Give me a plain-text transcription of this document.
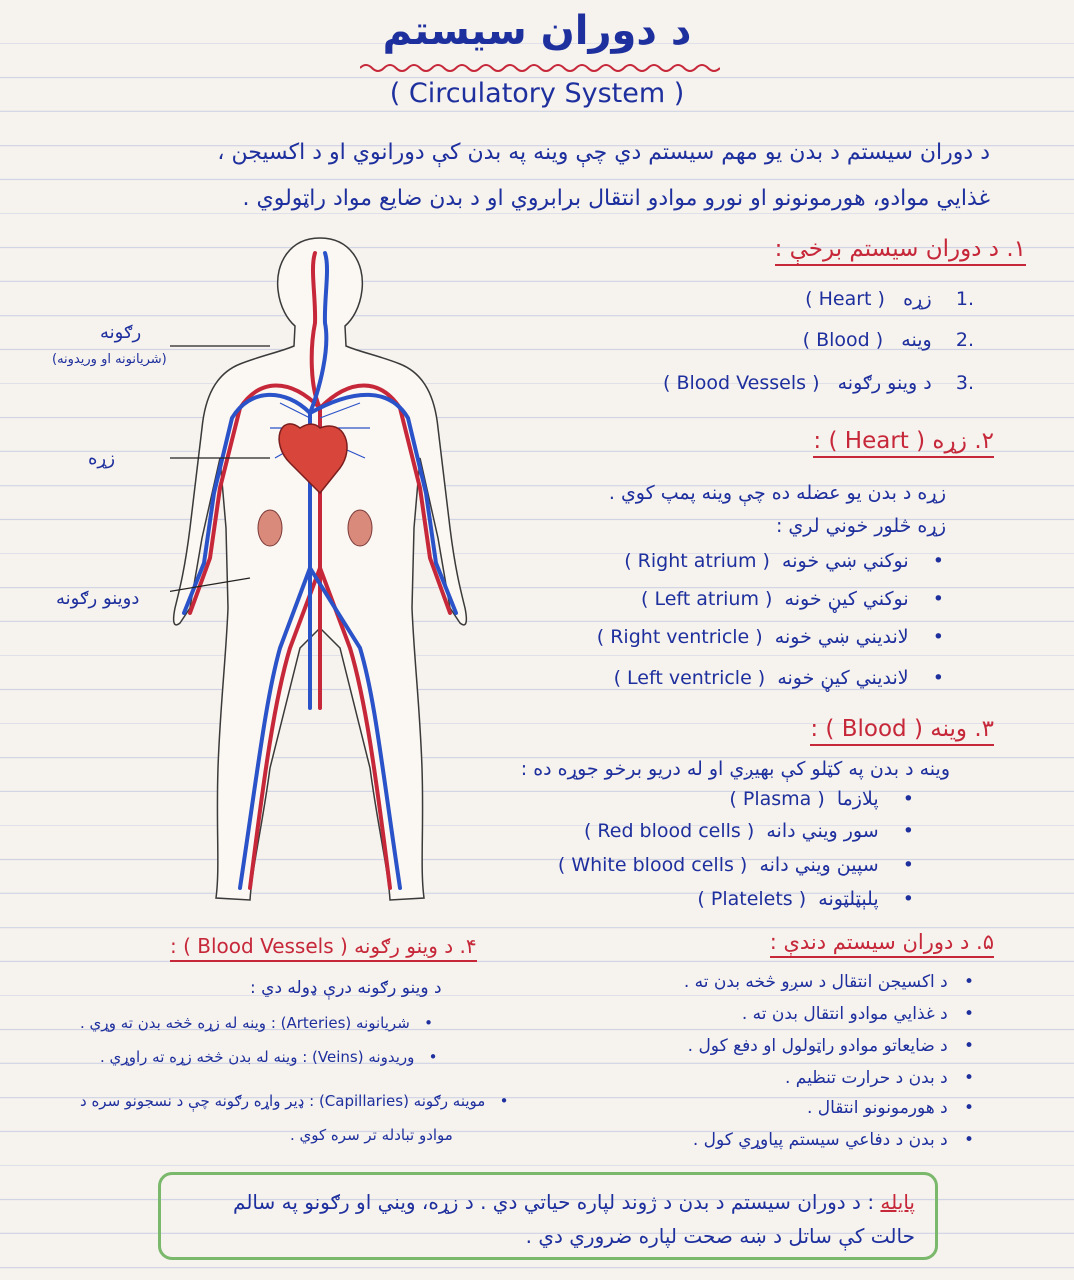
د دوران سیستم
( Circulatory System )
د دوران سیستم د بدن یو مهم سیستم دي چې وینه په بدن کې دورانوي او د اکسیجن ،
غذايي موادو، هورمونونو او نورو موادو انتقال برابروي او د بدن ضایع مواد راټولوي .
رګونه
(شریانونه او وریدونه)
زړه
دوینو رګونه
۱. د دوران سیستم برخې :
.1    زړه   ( Heart )
.2    وینه   ( Blood )
.3    د وینو رګونه   ( Blood Vessels )
۲. زړه ( Heart ) :
زړه د بدن یو عضله ده چې وینه پمپ کوي .
زړه څلور خوني لري :
•    نوکني ښي خونه  ( Right atrium )
•    نوکني کیڼ خونه  ( Left atrium )
•    لاندیني ښي خونه  ( Right ventricle )
•    لاندیني کیڼ خونه  ( Left ventricle )
۳. وینه ( Blood ) :
وینه د بدن په کټلو کې بهیږي او له دریو برخو جوړه ده :
•    پلازما  ( Plasma )
•    سور ویني دانه  ( Red blood cells )
•    سپین ویني دانه  ( White blood cells )
•    پلېټلټونه  ( Platelets )
۴. د وینو رګونه ( Blood Vessels ) :
د وینو رګونه درې ډوله دي :
•   شریانونه (Arteries) : وینه له زړه څخه بدن ته وړي .
•   وریدونه (Veins) : وینه له بدن څخه زړه ته راوړي .
•   موینه رګونه (Capillaries) : ډیر واړه رګونه چې د نسجونو سره د
موادو تبادله تر سره کوي .
۵. د دوران سیستم دندې :
•   د اکسیجن انتقال د سږو څخه بدن ته .
•   د غذايي موادو انتقال بدن ته .
•   د ضایعاتو موادو راټولول او دفع کول .
•   د بدن د حرارت تنظیم .
•   د هورمونونو انتقال .
•   د بدن د دفاعي سیستم پیاوړي کول .
پایله : د دوران سیستم د بدن د ژوند لپاره حیاتي دي . د زړه، ویني او رګونو په سالم
حالت کې ساتل د ښه صحت لپاره ضروري دي .
